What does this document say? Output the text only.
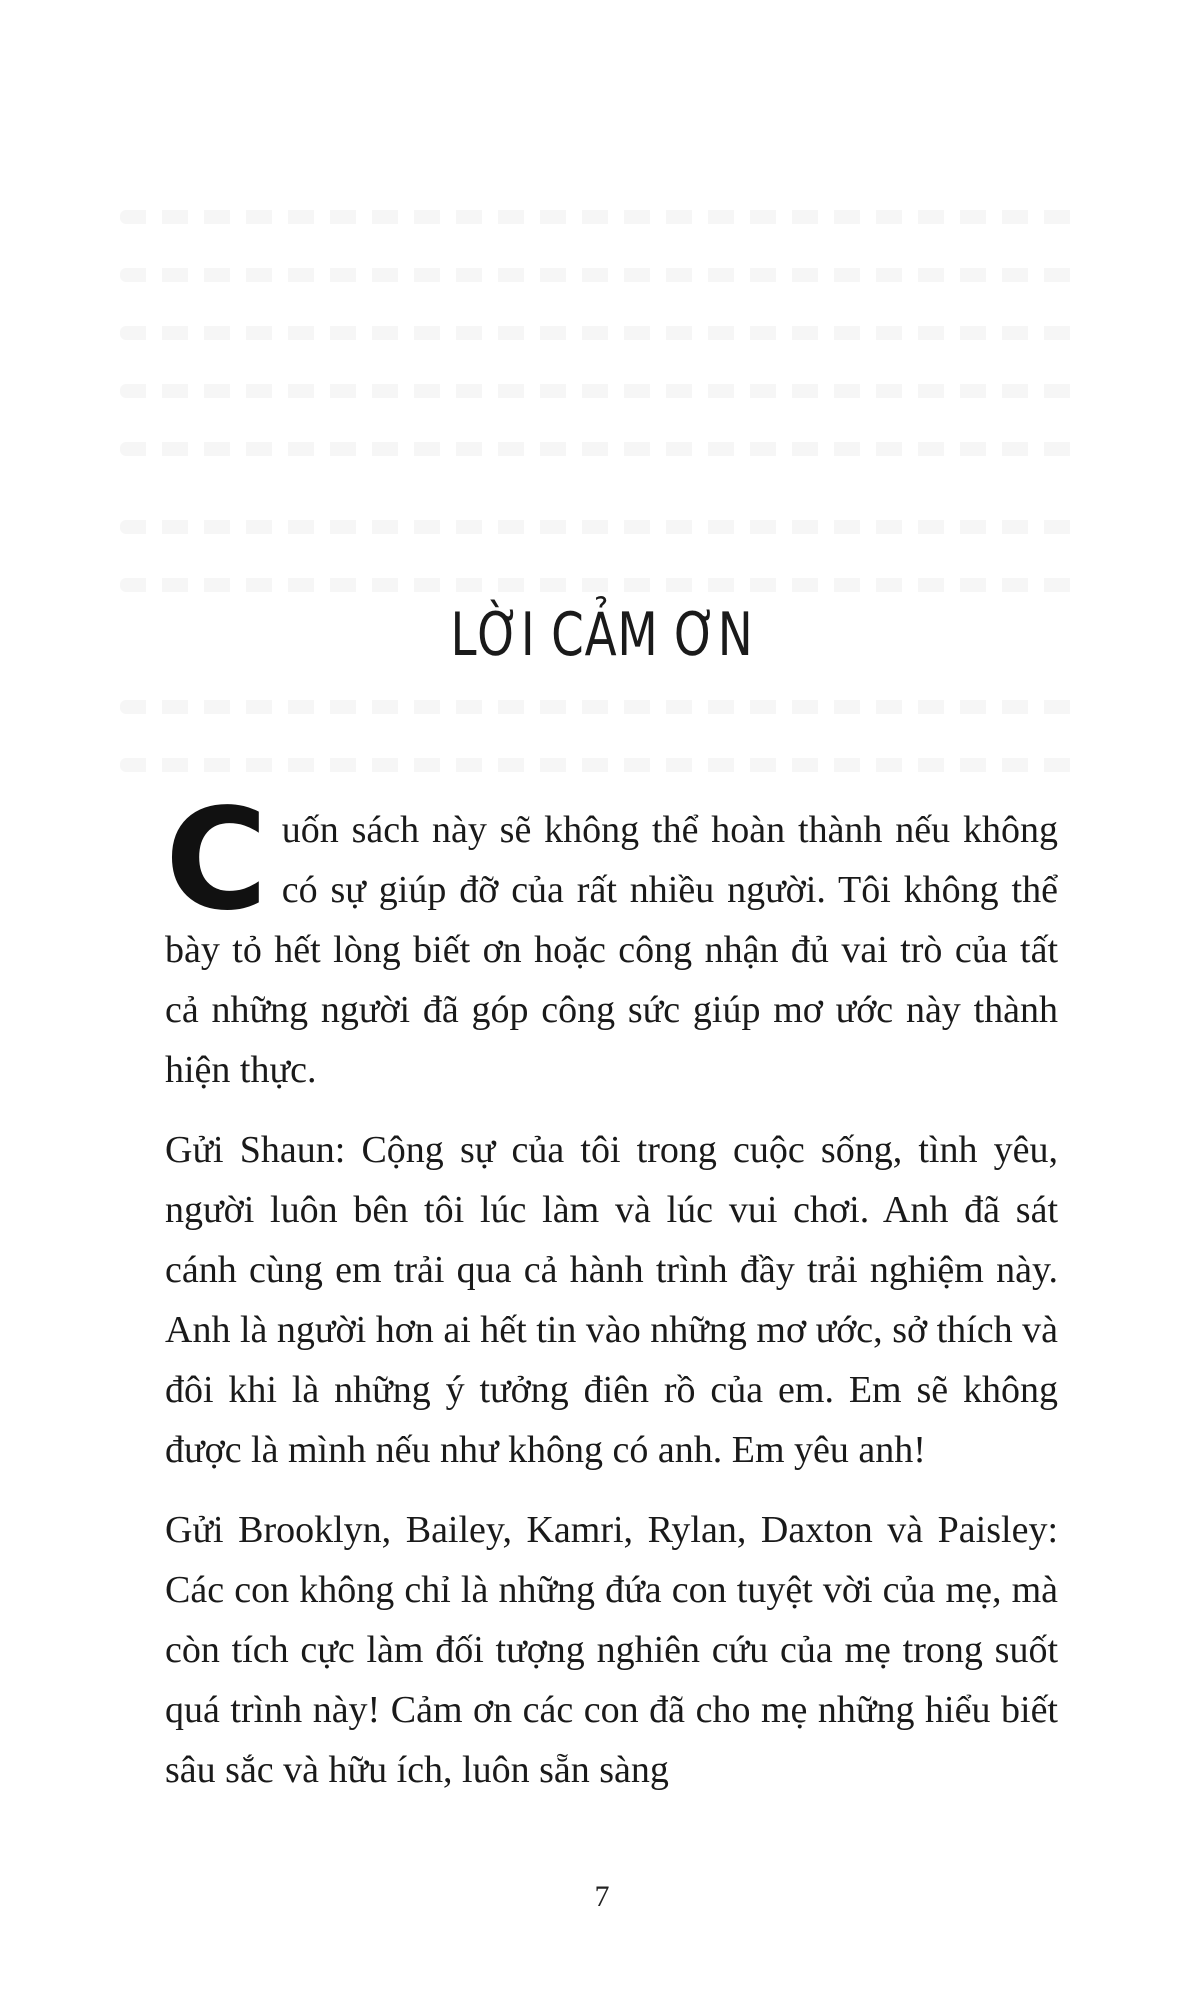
LỜI CẢM ƠN

Cuốn sách này sẽ không thể hoàn thành nếu không có sự giúp đỡ của rất nhiều người. Tôi không thể bày tỏ hết lòng biết ơn hoặc công nhận đủ vai trò của tất cả những người đã góp công sức giúp mơ ước này thành hiện thực.

Gửi Shaun: Cộng sự của tôi trong cuộc sống, tình yêu, người luôn bên tôi lúc làm và lúc vui chơi. Anh đã sát cánh cùng em trải qua cả hành trình đầy trải nghiệm này. Anh là người hơn ai hết tin vào những mơ ước, sở thích và đôi khi là những ý tưởng điên rồ của em. Em sẽ không được là mình nếu như không có anh. Em yêu anh!

Gửi Brooklyn, Bailey, Kamri, Rylan, Daxton và Paisley: Các con không chỉ là những đứa con tuyệt vời của mẹ, mà còn tích cực làm đối tượng nghiên cứu của mẹ trong suốt quá trình này! Cảm ơn các con đã cho mẹ những hiểu biết sâu sắc và hữu ích, luôn sẵn sàng

7
